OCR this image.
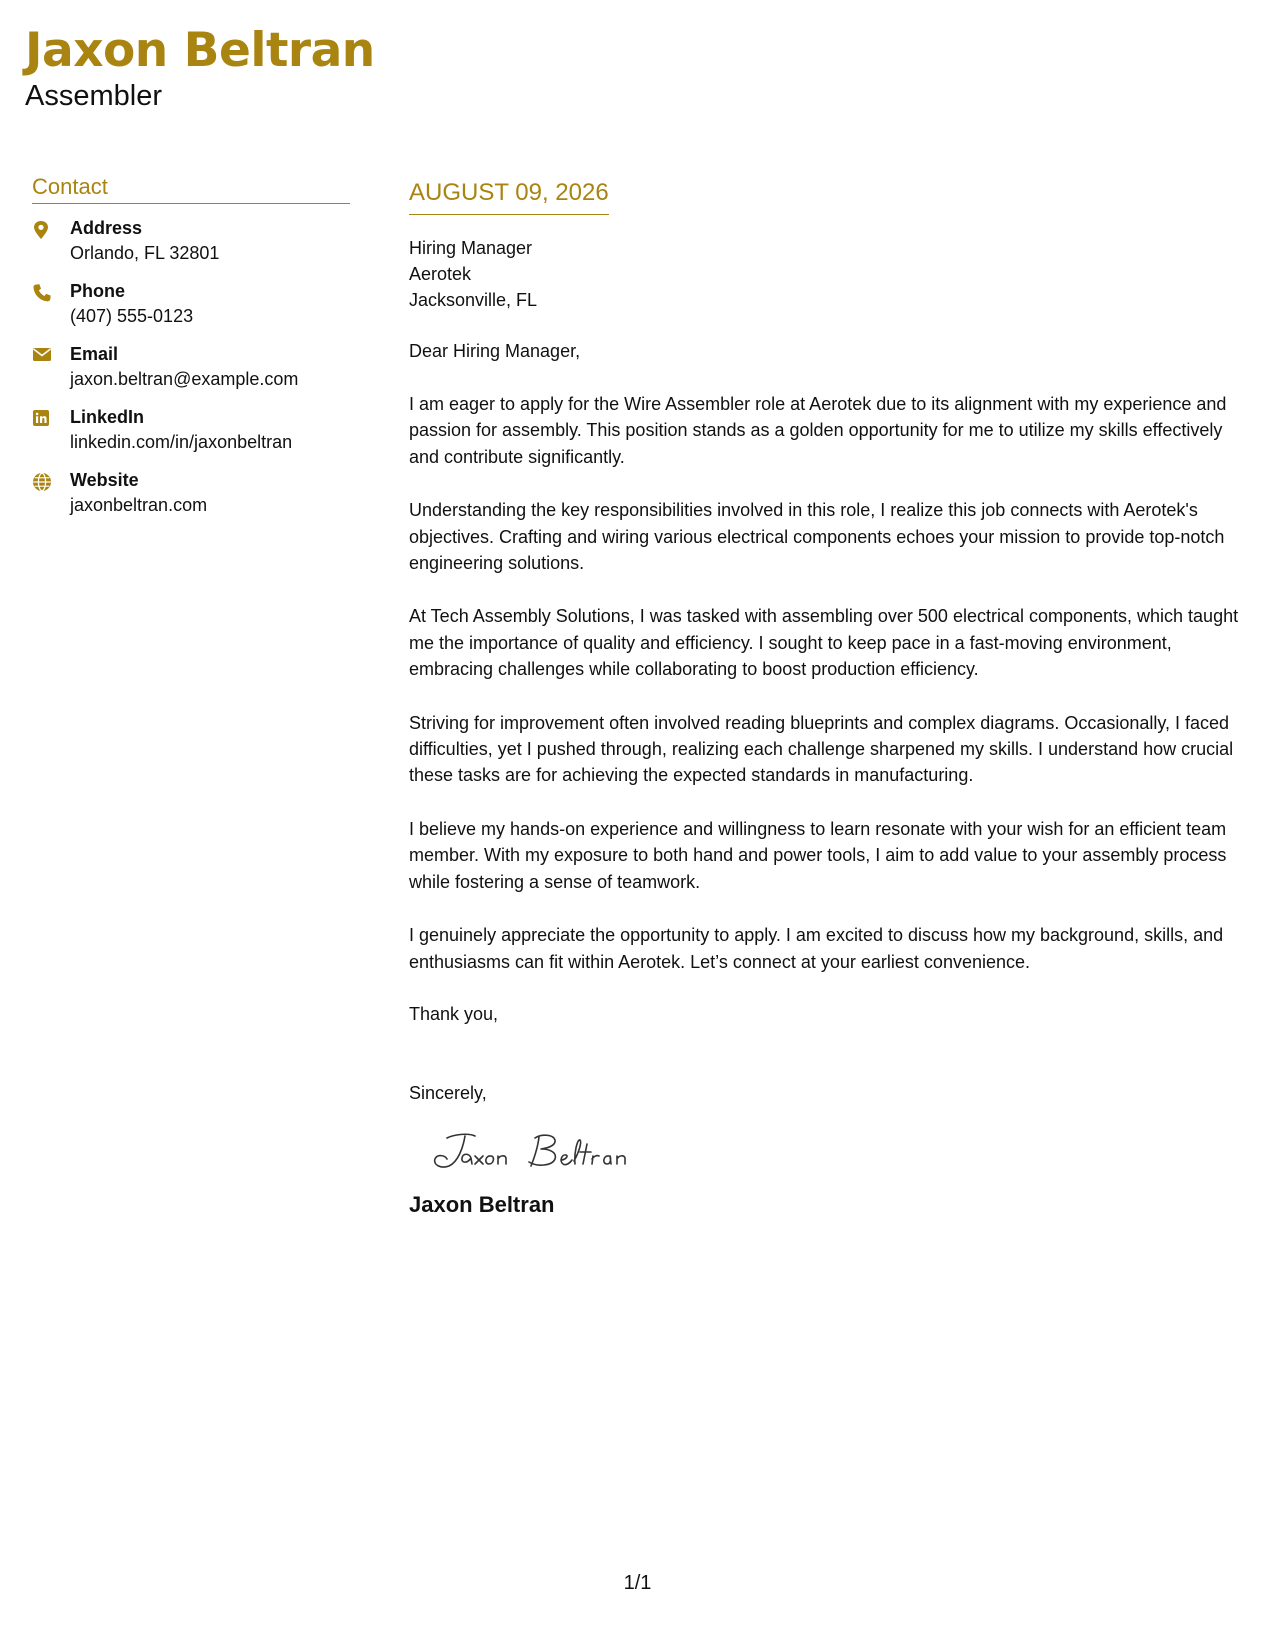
Jaxon Beltran
Assembler
Contact
Address
Orlando, FL 32801
Phone
(407) 555-0123
Email
jaxon.beltran@example.com
LinkedIn
linkedin.com/in/jaxonbeltran
Website
jaxonbeltran.com
AUGUST 09, 2026
Hiring Manager
Aerotek
Jacksonville, FL
Dear Hiring Manager,
I am eager to apply for the Wire Assembler role at Aerotek due to its alignment with my experience and passion for assembly. This position stands as a golden opportunity for me to utilize my skills effectively and contribute significantly.
Understanding the key responsibilities involved in this role, I realize this job connects with Aerotek's objectives. Crafting and wiring various electrical components echoes your mission to provide top-notch engineering solutions.
At Tech Assembly Solutions, I was tasked with assembling over 500 electrical components, which taught me the importance of quality and efficiency. I sought to keep pace in a fast-moving environment, embracing challenges while collaborating to boost production efficiency.
Striving for improvement often involved reading blueprints and complex diagrams. Occasionally, I faced difficulties, yet I pushed through, realizing each challenge sharpened my skills. I understand how crucial these tasks are for achieving the expected standards in manufacturing.
I believe my hands-on experience and willingness to learn resonate with your wish for an efficient team member. With my exposure to both hand and power tools, I aim to add value to your assembly process while fostering a sense of teamwork.
I genuinely appreciate the opportunity to apply. I am excited to discuss how my background, skills, and enthusiasms can fit within Aerotek. Let’s connect at your earliest convenience.
Thank you,
Sincerely,
Jaxon Beltran
1/1
